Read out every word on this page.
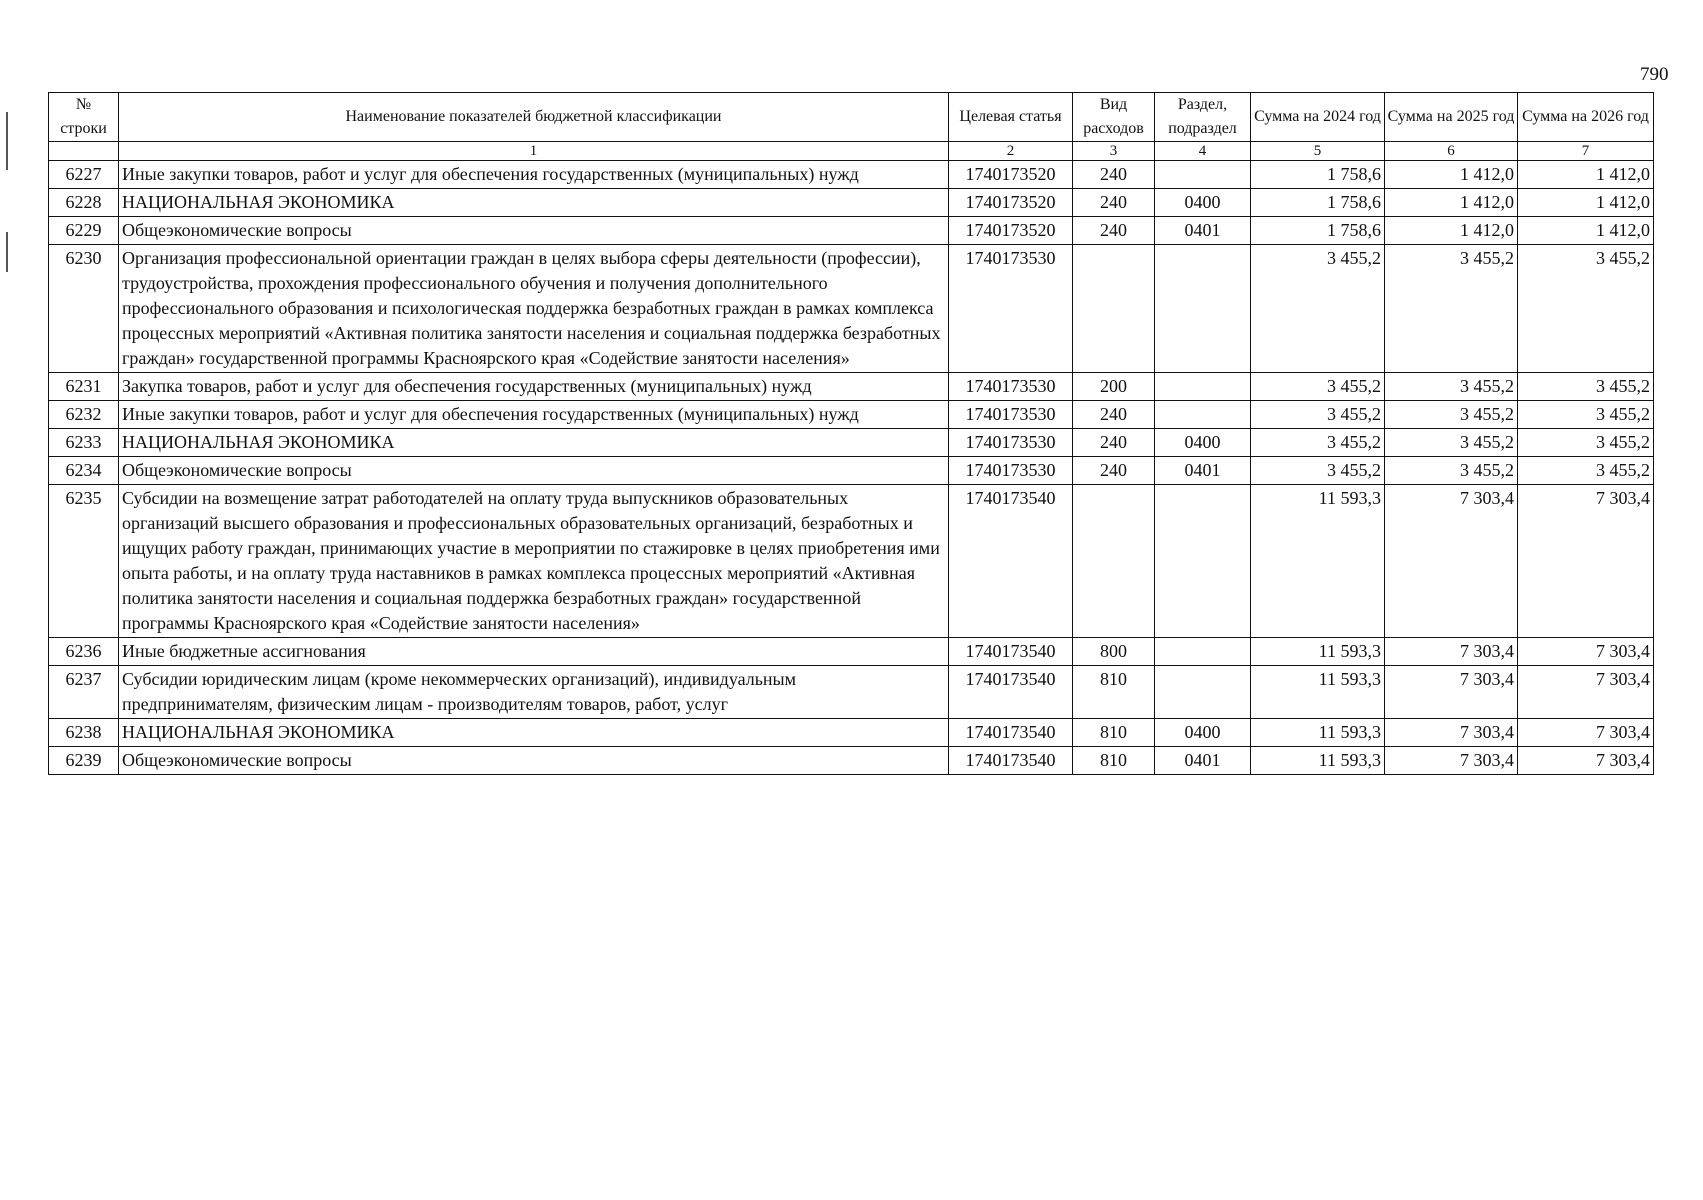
790
№ строки	Наименование показателей бюджетной классификации	Целевая статья	Вид расходов	Раздел, подраздел	Сумма на 2024 год	Сумма на 2025 год	Сумма на 2026 год
	1	2	3	4	5	6	7
6227	Иные закупки товаров, работ и услуг для обеспечения государственных (муниципальных) нужд	1740173520	240		1 758,6	1 412,0	1 412,0
6228	НАЦИОНАЛЬНАЯ ЭКОНОМИКА	1740173520	240	0400	1 758,6	1 412,0	1 412,0
6229	Общеэкономические вопросы	1740173520	240	0401	1 758,6	1 412,0	1 412,0
6230	Организация профессиональной ориентации граждан в целях выбора сферы деятельности (профессии), трудоустройства, прохождения профессионального обучения и получения дополнительного профессионального образования и психологическая поддержка безработных граждан в рамках комплекса процессных мероприятий «Активная политика занятости населения и социальная поддержка безработных граждан» государственной программы Красноярского края «Содействие занятости населения»	1740173530			3 455,2	3 455,2	3 455,2
6231	Закупка товаров, работ и услуг для обеспечения государственных (муниципальных) нужд	1740173530	200		3 455,2	3 455,2	3 455,2
6232	Иные закупки товаров, работ и услуг для обеспечения государственных (муниципальных) нужд	1740173530	240		3 455,2	3 455,2	3 455,2
6233	НАЦИОНАЛЬНАЯ ЭКОНОМИКА	1740173530	240	0400	3 455,2	3 455,2	3 455,2
6234	Общеэкономические вопросы	1740173530	240	0401	3 455,2	3 455,2	3 455,2
6235	Субсидии на возмещение затрат работодателей на оплату труда выпускников образовательных организаций высшего образования и профессиональных образовательных организаций, безработных и ищущих работу граждан, принимающих участие в мероприятии по стажировке в целях приобретения ими опыта работы, и на оплату труда наставников в рамках комплекса процессных мероприятий «Активная политика занятости населения и социальная поддержка безработных граждан» государственной программы Красноярского края «Содействие занятости населения»	1740173540			11 593,3	7 303,4	7 303,4
6236	Иные бюджетные ассигнования	1740173540	800		11 593,3	7 303,4	7 303,4
6237	Субсидии юридическим лицам (кроме некоммерческих организаций), индивидуальным предпринимателям, физическим лицам - производителям товаров, работ, услуг	1740173540	810		11 593,3	7 303,4	7 303,4
6238	НАЦИОНАЛЬНАЯ ЭКОНОМИКА	1740173540	810	0400	11 593,3	7 303,4	7 303,4
6239	Общеэкономические вопросы	1740173540	810	0401	11 593,3	7 303,4	7 303,4
